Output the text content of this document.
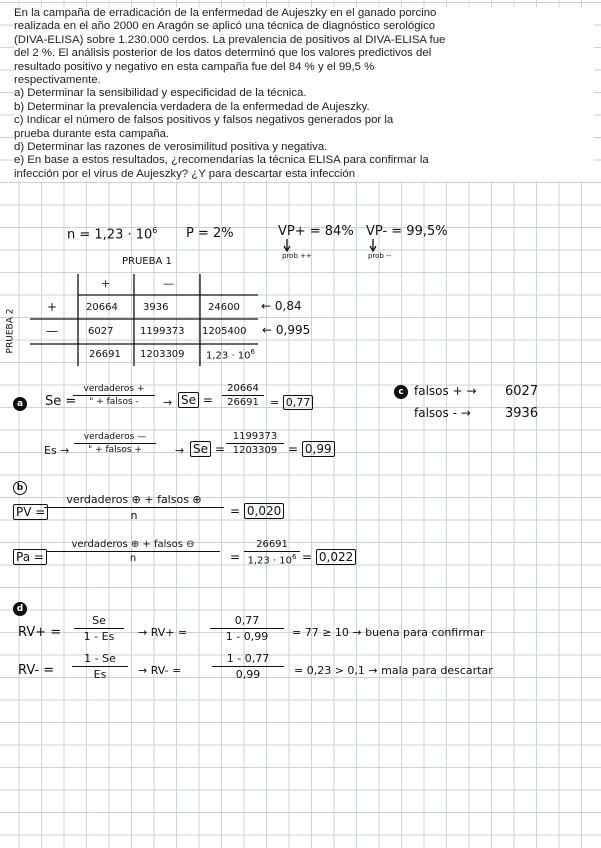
En la campaña de erradicación de la enfermedad de Aujeszky en el ganado porcino
realizada en el año 2000 en Aragón se aplicó una técnica de diagnóstico serológico
(DIVA-ELISA) sobre 1.230.000 cerdos. La prevalencia de positivos al DIVA-ELISA fue
del 2 %. El análisis posterior de los datos determinó que los valores predictivos del
resultado positivo y negativo en esta campaña fue del 84 % y el 99,5 %
respectivamente.
a) Determinar la sensibilidad y especificidad de la técnica.
b) Determinar la prevalencia verdadera de la enfermedad de Aujeszky.
c) Indicar el número de falsos positivos y falsos negativos generados por la
prueba durante esta campaña.
d) Determinar las razones de verosimilitud positiva y negativa.
e) En base a estos resultados, ¿recomendarías la técnica ELISA para confirmar la
infección por el virus de Aujeszky? ¿Y para descartar esta infección
$n = 1,23 \cdot 10^6$ P = 2%	VP+ = 84% VP- = 99,5%
prob ++	prob --
PRUEBA 1
PRUEBA 2
+	—
+	20664	3936	24600 ← 0,84
—	6027	1199373 1205400 ← 0,995
26691 1203309 $1,23 \cdot 10^6$
a	Se =
verdaderos +
" + falsos -	→ Se =
20664
26691	= 0,77
Es →
verdaderos —
" + falsos +	→ Se =
1199373
1203309 = 0,99
c falsos + → 6027
falsos - →	3936
b
PV =
verdaderos ⊕ + falsos ⊕
n	= 0,020
Pa =
verdaderos ⊕ + falsos ⊖
n	=
26691
$1,23 \cdot 10^6 = 0,022$
d
RV+ =
Se
1 - Es	→ RV+ =
0,77
1 - 0,99	= 77 ≥ 10 → buena para confirmar
RV- =
1 - Se
Es	→ RV- =
1 - 0,77
0,99	= 0,23 > 0,1 → mala para descartar
